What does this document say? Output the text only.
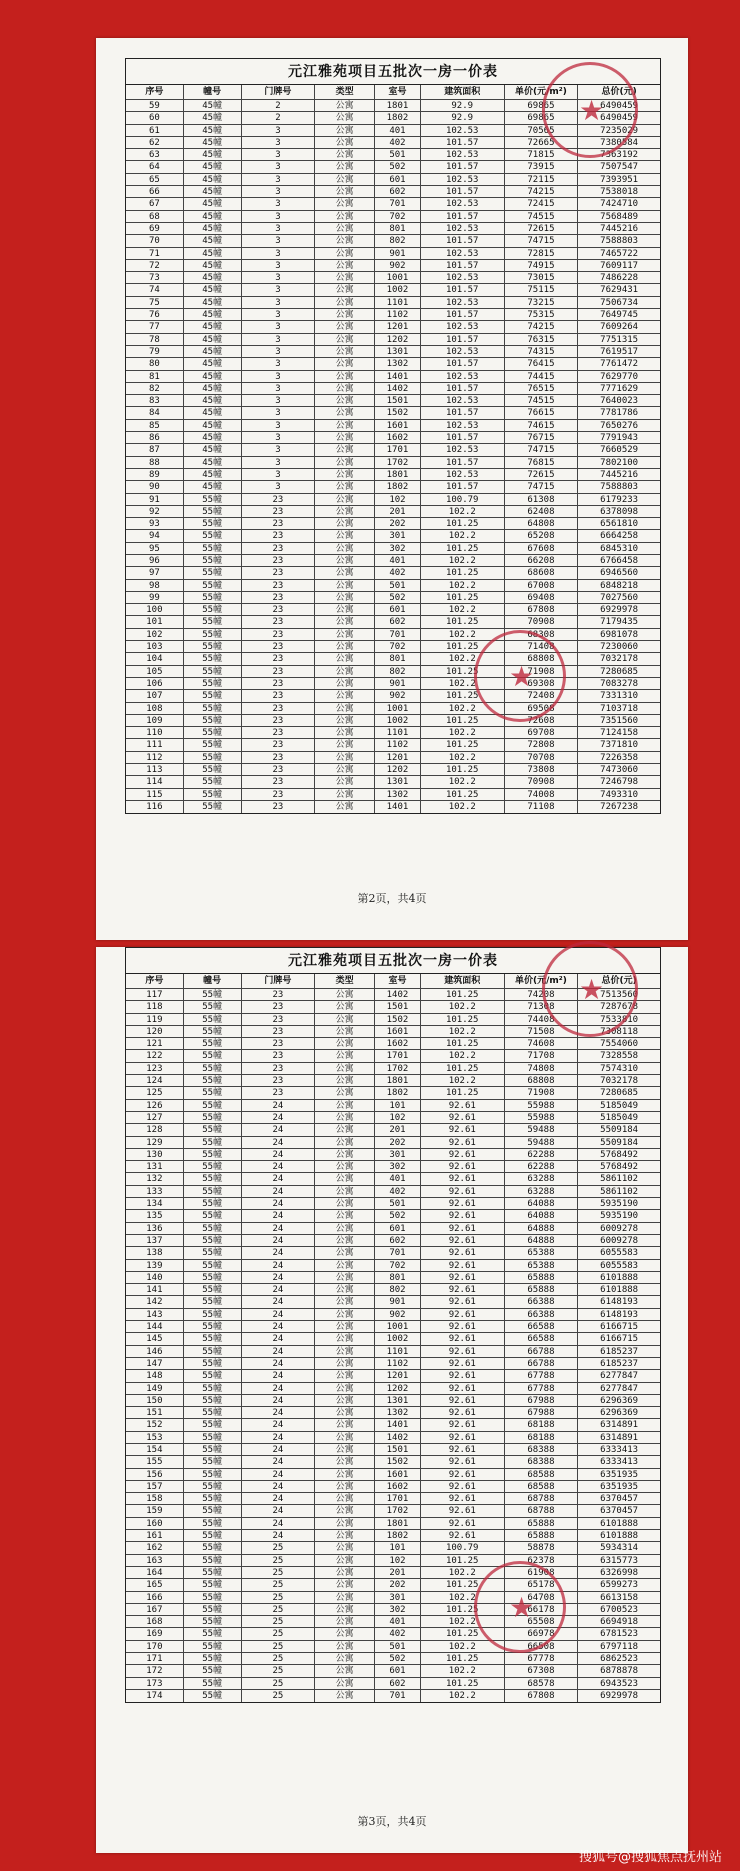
元江雅苑项目五批次一房一价表
序号	幢号	门牌号	类型	室号	建筑面积	单价(元/m²)	总价(元)
59	45幢	2	公寓	1801	92.9	69865	6490459
60	45幢	2	公寓	1802	92.9	69865	6490459
61	45幢	3	公寓	401	102.53	70565	7235029
62	45幢	3	公寓	402	101.57	72665	7380584
63	45幢	3	公寓	501	102.53	71815	7363192
64	45幢	3	公寓	502	101.57	73915	7507547
65	45幢	3	公寓	601	102.53	72115	7393951
66	45幢	3	公寓	602	101.57	74215	7538018
67	45幢	3	公寓	701	102.53	72415	7424710
68	45幢	3	公寓	702	101.57	74515	7568489
69	45幢	3	公寓	801	102.53	72615	7445216
70	45幢	3	公寓	802	101.57	74715	7588803
71	45幢	3	公寓	901	102.53	72815	7465722
72	45幢	3	公寓	902	101.57	74915	7609117
73	45幢	3	公寓	1001	102.53	73015	7486228
74	45幢	3	公寓	1002	101.57	75115	7629431
75	45幢	3	公寓	1101	102.53	73215	7506734
76	45幢	3	公寓	1102	101.57	75315	7649745
77	45幢	3	公寓	1201	102.53	74215	7609264
78	45幢	3	公寓	1202	101.57	76315	7751315
79	45幢	3	公寓	1301	102.53	74315	7619517
80	45幢	3	公寓	1302	101.57	76415	7761472
81	45幢	3	公寓	1401	102.53	74415	7629770
82	45幢	3	公寓	1402	101.57	76515	7771629
83	45幢	3	公寓	1501	102.53	74515	7640023
84	45幢	3	公寓	1502	101.57	76615	7781786
85	45幢	3	公寓	1601	102.53	74615	7650276
86	45幢	3	公寓	1602	101.57	76715	7791943
87	45幢	3	公寓	1701	102.53	74715	7660529
88	45幢	3	公寓	1702	101.57	76815	7802100
89	45幢	3	公寓	1801	102.53	72615	7445216
90	45幢	3	公寓	1802	101.57	74715	7588803
91	55幢	23	公寓	102	100.79	61308	6179233
92	55幢	23	公寓	201	102.2	62408	6378098
93	55幢	23	公寓	202	101.25	64808	6561810
94	55幢	23	公寓	301	102.2	65208	6664258
95	55幢	23	公寓	302	101.25	67608	6845310
96	55幢	23	公寓	401	102.2	66208	6766458
97	55幢	23	公寓	402	101.25	68608	6946560
98	55幢	23	公寓	501	102.2	67008	6848218
99	55幢	23	公寓	502	101.25	69408	7027560
100	55幢	23	公寓	601	102.2	67808	6929978
101	55幢	23	公寓	602	101.25	70908	7179435
102	55幢	23	公寓	701	102.2	68308	6981078
103	55幢	23	公寓	702	101.25	71408	7230060
104	55幢	23	公寓	801	102.2	68808	7032178
105	55幢	23	公寓	802	101.25	71908	7280685
106	55幢	23	公寓	901	102.2	69308	7083278
107	55幢	23	公寓	902	101.25	72408	7331310
108	55幢	23	公寓	1001	102.2	69508	7103718
109	55幢	23	公寓	1002	101.25	72608	7351560
110	55幢	23	公寓	1101	102.2	69708	7124158
111	55幢	23	公寓	1102	101.25	72808	7371810
112	55幢	23	公寓	1201	102.2	70708	7226358
113	55幢	23	公寓	1202	101.25	73808	7473060
114	55幢	23	公寓	1301	102.2	70908	7246798
115	55幢	23	公寓	1302	101.25	74008	7493310
116	55幢	23	公寓	1401	102.2	71108	7267238
★
★
第2页，共4页
元江雅苑项目五批次一房一价表
序号	幢号	门牌号	类型	室号	建筑面积	单价(元/m²)	总价(元)
117	55幢	23	公寓	1402	101.25	74208	7513560
118	55幢	23	公寓	1501	102.2	71308	7287678
119	55幢	23	公寓	1502	101.25	74408	7533810
120	55幢	23	公寓	1601	102.2	71508	7308118
121	55幢	23	公寓	1602	101.25	74608	7554060
122	55幢	23	公寓	1701	102.2	71708	7328558
123	55幢	23	公寓	1702	101.25	74808	7574310
124	55幢	23	公寓	1801	102.2	68808	7032178
125	55幢	23	公寓	1802	101.25	71908	7280685
126	55幢	24	公寓	101	92.61	55988	5185049
127	55幢	24	公寓	102	92.61	55988	5185049
128	55幢	24	公寓	201	92.61	59488	5509184
129	55幢	24	公寓	202	92.61	59488	5509184
130	55幢	24	公寓	301	92.61	62288	5768492
131	55幢	24	公寓	302	92.61	62288	5768492
132	55幢	24	公寓	401	92.61	63288	5861102
133	55幢	24	公寓	402	92.61	63288	5861102
134	55幢	24	公寓	501	92.61	64088	5935190
135	55幢	24	公寓	502	92.61	64088	5935190
136	55幢	24	公寓	601	92.61	64888	6009278
137	55幢	24	公寓	602	92.61	64888	6009278
138	55幢	24	公寓	701	92.61	65388	6055583
139	55幢	24	公寓	702	92.61	65388	6055583
140	55幢	24	公寓	801	92.61	65888	6101888
141	55幢	24	公寓	802	92.61	65888	6101888
142	55幢	24	公寓	901	92.61	66388	6148193
143	55幢	24	公寓	902	92.61	66388	6148193
144	55幢	24	公寓	1001	92.61	66588	6166715
145	55幢	24	公寓	1002	92.61	66588	6166715
146	55幢	24	公寓	1101	92.61	66788	6185237
147	55幢	24	公寓	1102	92.61	66788	6185237
148	55幢	24	公寓	1201	92.61	67788	6277847
149	55幢	24	公寓	1202	92.61	67788	6277847
150	55幢	24	公寓	1301	92.61	67988	6296369
151	55幢	24	公寓	1302	92.61	67988	6296369
152	55幢	24	公寓	1401	92.61	68188	6314891
153	55幢	24	公寓	1402	92.61	68188	6314891
154	55幢	24	公寓	1501	92.61	68388	6333413
155	55幢	24	公寓	1502	92.61	68388	6333413
156	55幢	24	公寓	1601	92.61	68588	6351935
157	55幢	24	公寓	1602	92.61	68588	6351935
158	55幢	24	公寓	1701	92.61	68788	6370457
159	55幢	24	公寓	1702	92.61	68788	6370457
160	55幢	24	公寓	1801	92.61	65888	6101888
161	55幢	24	公寓	1802	92.61	65888	6101888
162	55幢	25	公寓	101	100.79	58878	5934314
163	55幢	25	公寓	102	101.25	62378	6315773
164	55幢	25	公寓	201	102.2	61908	6326998
165	55幢	25	公寓	202	101.25	65178	6599273
166	55幢	25	公寓	301	102.2	64708	6613158
167	55幢	25	公寓	302	101.25	66178	6700523
168	55幢	25	公寓	401	102.2	65508	6694918
169	55幢	25	公寓	402	101.25	66978	6781523
170	55幢	25	公寓	501	102.2	66508	6797118
171	55幢	25	公寓	502	101.25	67778	6862523
172	55幢	25	公寓	601	102.2	67308	6878878
173	55幢	25	公寓	602	101.25	68578	6943523
174	55幢	25	公寓	701	102.2	67808	6929978
★
★
第3页，共4页
搜狐号@搜狐焦点抚州站
